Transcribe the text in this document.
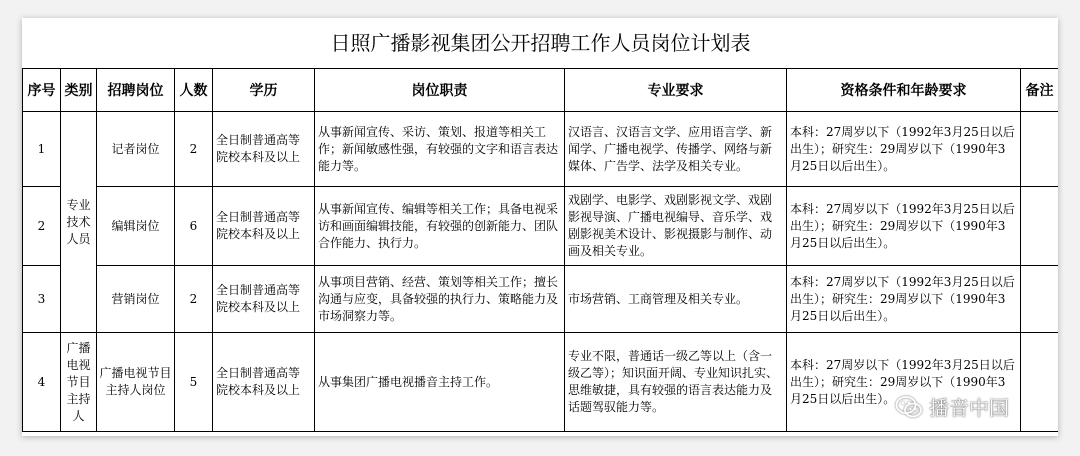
日照广播影视集团公开招聘工作人员岗位计划表								
序号	类别	招聘岗位	人数	学历	岗位职责	专业要求	资格条件和年龄要求	备注
1	专业技术人员	记者岗位	2	全日制普通高等院校本科及以上	从事新闻宣传、采访、策划、报道等相关工作；新闻敏感性强，有较强的文字和语言表达能力等。	汉语言、汉语言文学、应用语言学、新闻学、广播电视学、传播学、网络与新媒体、广告学、法学及相关专业。	本科：27周岁以下（1992年3月25日以后出生）；研究生：29周岁以下（1990年3月25日以后出生）。	
2		编辑岗位	6	全日制普通高等院校本科及以上	从事新闻宣传、编辑等相关工作；具备电视采访和画面编辑技能，有较强的创新能力、团队合作能力、执行力。	戏剧学、电影学、戏剧影视文学、戏剧影视导演、广播电视编导、音乐学、戏剧影视美术设计、影视摄影与制作、动画及相关专业。	本科：27周岁以下（1992年3月25日以后出生）；研究生：29周岁以下（1990年3月25日以后出生）。	
3		营销岗位	2	全日制普通高等院校本科及以上	从事项目营销、经营、策划等相关工作；擅长沟通与应变，具备较强的执行力、策略能力及市场洞察力等。	市场营销、工商管理及相关专业。	本科：27周岁以下（1992年3月25日以后出生）；研究生：29周岁以下（1990年3月25日以后出生）。	
4	广播电视节目主持人	广播电视节目主持人岗位	5	全日制普通高等院校本科及以上	从事集团广播电视播音主持工作。	专业不限，普通话一级乙等以上（含一级乙等）；知识面开阔、专业知识扎实、思维敏捷，具有较强的语言表达能力及话题驾驭能力等。	本科：27周岁以下（1992年3月25日以后出生）；研究生：29周岁以下（1990年3月25日以后出生）。	播音中国
